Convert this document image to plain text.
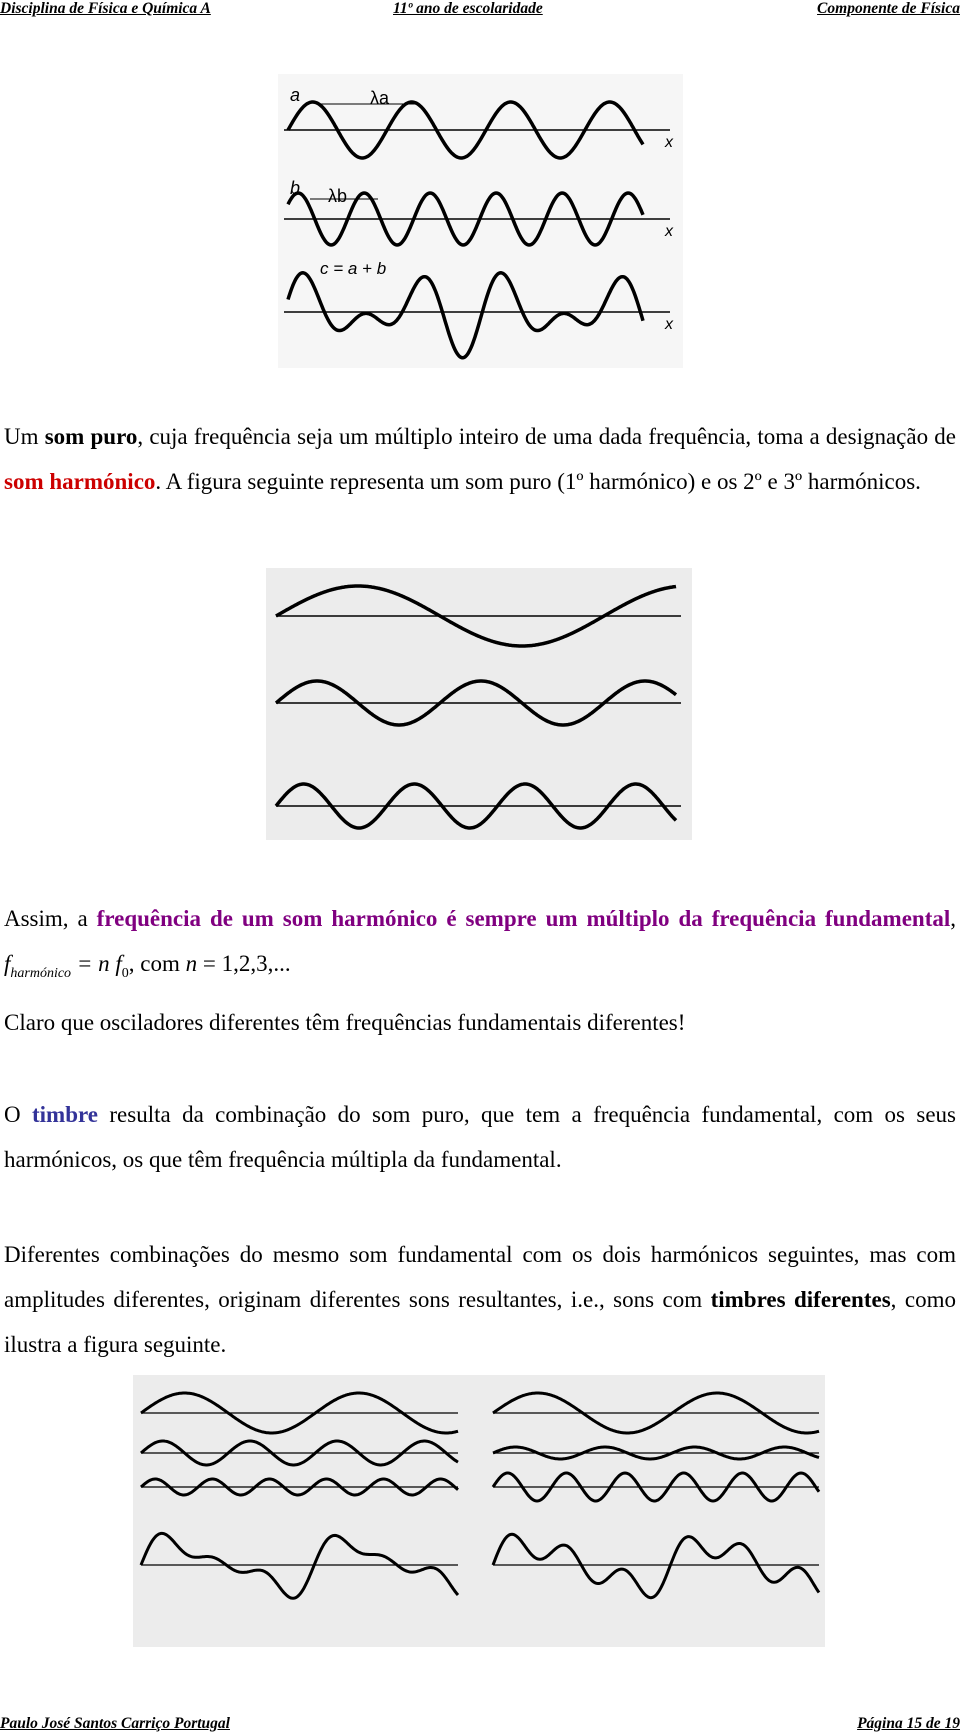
Disciplina de Física e Química A	11º ano de escolaridade	Componente de Física
a
b
λa
λb
c = a + b
x
x
x

Um som puro, cuja frequência seja um múltiplo inteiro de uma dada frequência, toma a designação de som harmónico. A figura seguinte representa um som puro (1º harmónico) e os 2º e 3º harmónicos.

Assim, a frequência de um som harmónico é sempre um múltiplo da frequência fundamental, $f_{harmónico} = n$ $f_0$, com n = 1,2,3,...

Claro que osciladores diferentes têm frequências fundamentais diferentes!

O timbre resulta da combinação do som puro, que tem a frequência fundamental, com os seus harmónicos, os que têm frequência múltipla da fundamental.

Diferentes combinações do mesmo som fundamental com os dois harmónicos seguintes, mas com amplitudes diferentes, originam diferentes sons resultantes, i.e., sons com timbres diferentes, como ilustra a figura seguinte.

Paulo José Santos Carriço Portugal	Página 15 de 19
